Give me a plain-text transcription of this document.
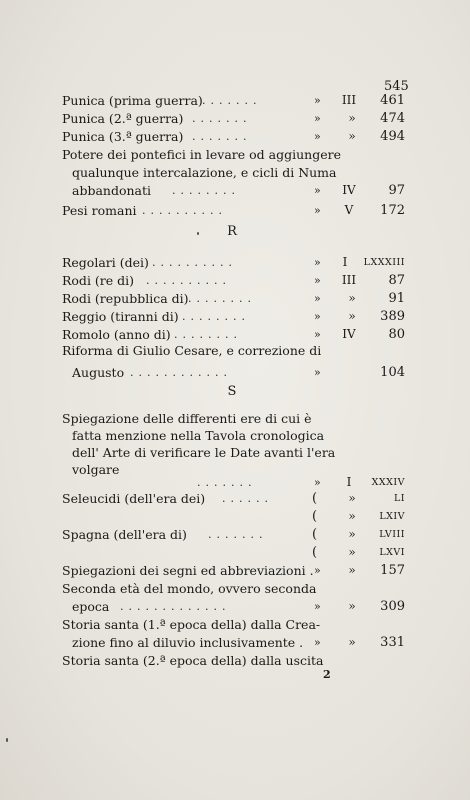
545
Punica (prima guerra) .......	»	III	461
Punica (2.ª guerra) .......	»	»	474
Punica (3.ª guerra) .......	»	»	494
Potere dei pontefici in levare od aggiungere
qualunque intercalazione, e cicli di Numa
abbandonati ........	»	IV	97
Pesi romani ..........	»	V	172
R
Regolari (dei) ..........	»	I	LXXXIII
Rodi (re di) ..........	»	III	87
Rodi (repubblica di) ........	»	»	91
Reggio (tiranni di) ........	»	»	389
Romolo (anno di) ........	»	IV	80
Riforma di Giulio Cesare, e correzione di
Augusto ............	»	104
S
Spiegazione delle differenti ere di cui è
fatta menzione nella Tavola cronologica
dell' Arte di verificare le Date avanti l'era
volgare
.......	»	I	XXXIV
Seleucidi (dell'era dei) ......	(	»	LI
(	»	LXIV
Spagna (dell'era di) .......	(	»	LVIII
(	»	LXVI
Spiegazioni dei segni ed abbreviazioni . »	»	157
Seconda età del mondo, ovvero seconda
epoca .............	»	»	309
Storia santa (1.ª epoca della) dalla Crea-
zione fino al diluvio inclusivamente . »	»	331
Storia santa (2.ª epoca della) dalla uscita
2
